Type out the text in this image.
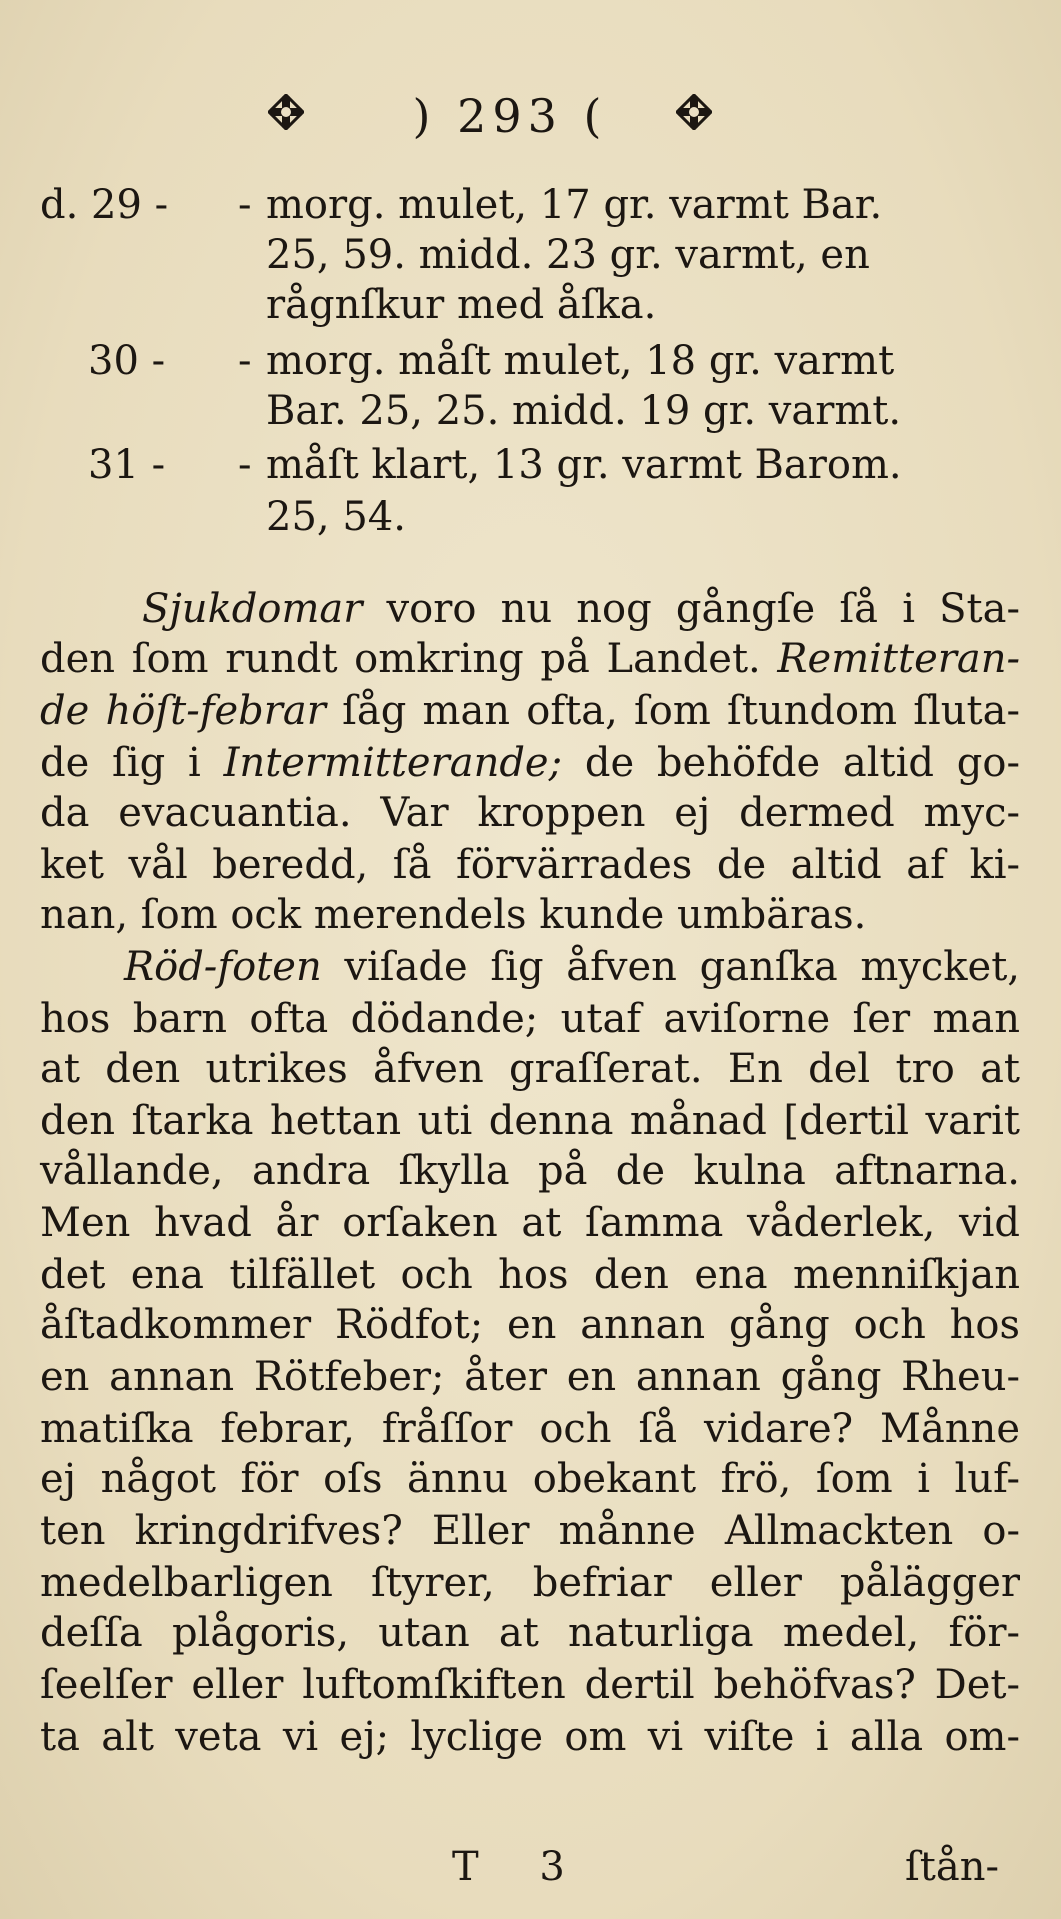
) 293 (
d. 29 - - morg. mulet, 17 gr. varmt Bar.
25, 59. midd. 23 gr. varmt, en
rågnſkur med åſka.
30 - - morg. måſt mulet, 18 gr. varmt
Bar. 25, 25. midd. 19 gr. varmt.
31 - - måſt klart, 13 gr. varmt Barom.
25, 54.
Sjukdomar voro nu nog gångſe ſå i Sta-
den ſom rundt omkring på Landet. Remitteran-
de höſt-febrar ſåg man ofta, ſom ſtundom ſluta-
de ſig i Intermitterande; de behöfde altid go-
da evacuantia. Var kroppen ej dermed myc-
ket vål beredd, ſå förvärrades de altid af ki-
nan, ſom ock merendels kunde umbäras.
Röd-foten viſade ſig åfven ganſka mycket,
hos barn ofta dödande; utaf aviſorne ſer man
at den utrikes åfven graſſerat. En del tro at
den ſtarka hettan uti denna månad [dertil varit
vållande, andra ſkylla på de kulna aftnarna.
Men hvad år orſaken at ſamma våderlek, vid
det ena tilfället och hos den ena menniſkjan
åſtadkommer Rödfot; en annan gång och hos
en annan Rötfeber; åter en annan gång Rheu-
matiſka febrar, fråſſor och ſå vidare? Månne
ej något för oſs ännu obekant frö, ſom i luf-
ten kringdrifves? Eller månne Allmackten o-
medelbarligen ſtyrer, befriar eller pålägger
deſſa plågoris, utan at naturliga medel, för-
ſeelſer eller luftomſkiften dertil behöfvas? Det-
ta alt veta vi ej; lyclige om vi viſte i alla om-
T 3	ſtån-
